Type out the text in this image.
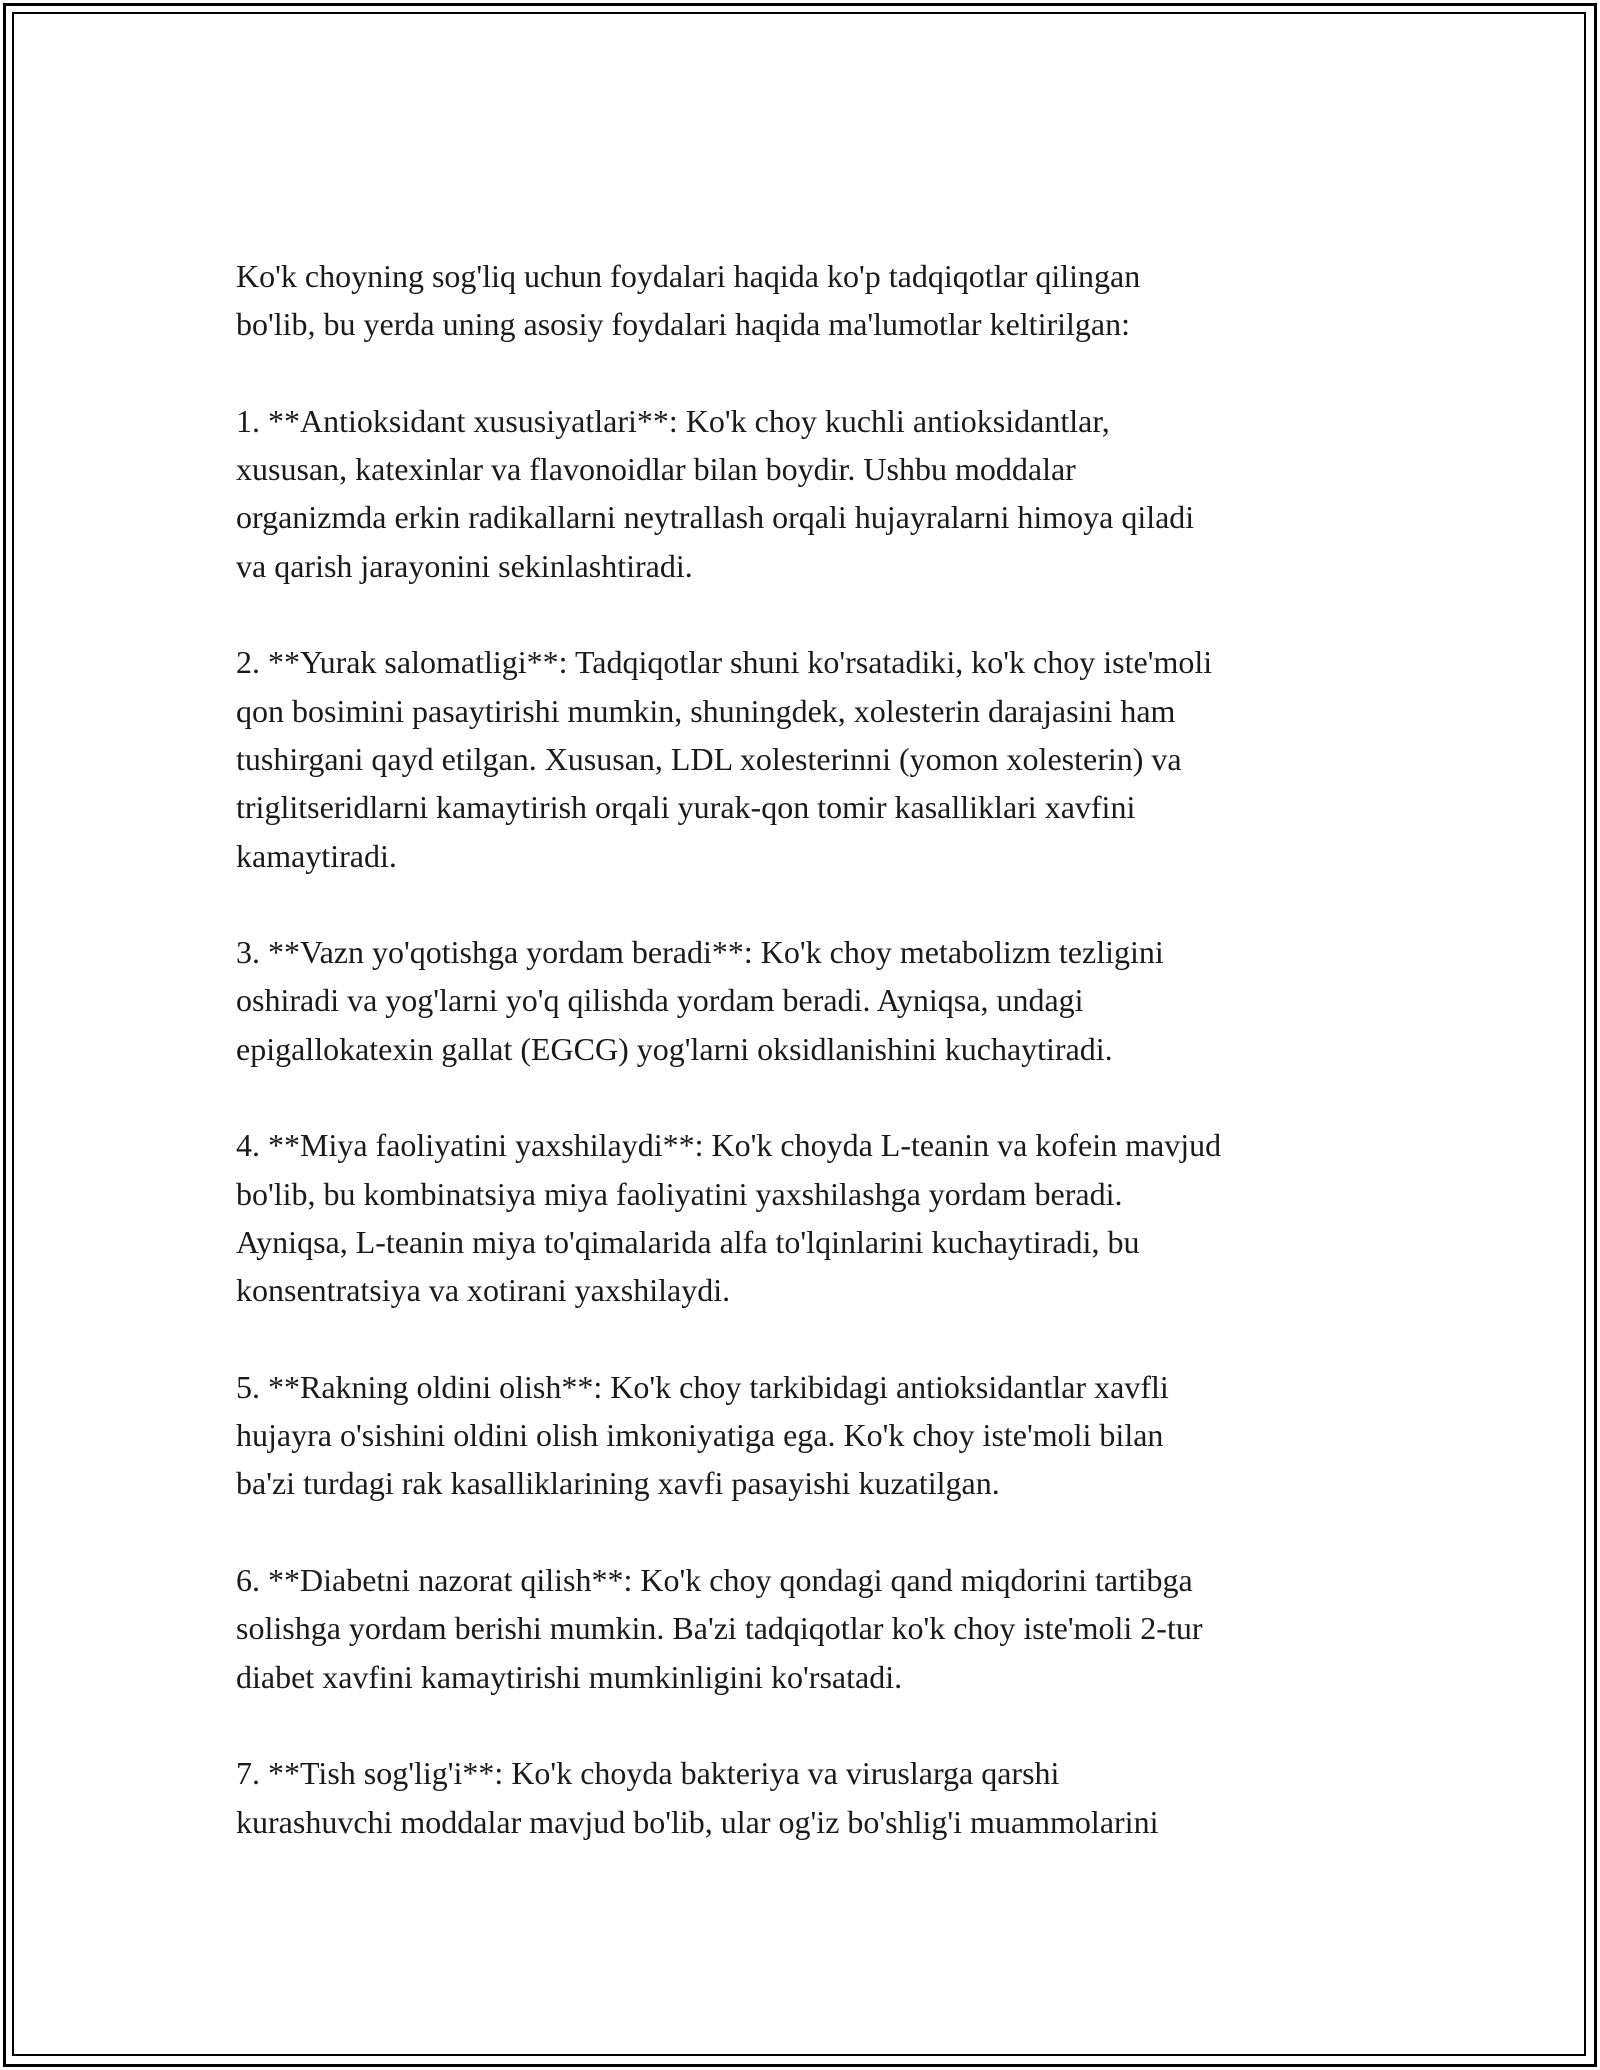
Ko'k choyning sog'liq uchun foydalari haqida ko'p tadqiqotlar qilingan
bo'lib, bu yerda uning asosiy foydalari haqida ma'lumotlar keltirilgan:

1. **Antioksidant xususiyatlari**: Ko'k choy kuchli antioksidantlar,
xususan, katexinlar va flavonoidlar bilan boydir. Ushbu moddalar
organizmda erkin radikallarni neytrallash orqali hujayralarni himoya qiladi
va qarish jarayonini sekinlashtiradi.

2. **Yurak salomatligi**: Tadqiqotlar shuni ko'rsatadiki, ko'k choy iste'moli
qon bosimini pasaytirishi mumkin, shuningdek, xolesterin darajasini ham
tushirgani qayd etilgan. Xususan, LDL xolesterinni (yomon xolesterin) va
triglitseridlarni kamaytirish orqali yurak-qon tomir kasalliklari xavfini
kamaytiradi.

3. **Vazn yo'qotishga yordam beradi**: Ko'k choy metabolizm tezligini
oshiradi va yog'larni yo'q qilishda yordam beradi. Ayniqsa, undagi
epigallokatexin gallat (EGCG) yog'larni oksidlanishini kuchaytiradi.

4. **Miya faoliyatini yaxshilaydi**: Ko'k choyda L-teanin va kofein mavjud
bo'lib, bu kombinatsiya miya faoliyatini yaxshilashga yordam beradi.
Ayniqsa, L-teanin miya to'qimalarida alfa to'lqinlarini kuchaytiradi, bu
konsentratsiya va xotirani yaxshilaydi.

5. **Rakning oldini olish**: Ko'k choy tarkibidagi antioksidantlar xavfli
hujayra o'sishini oldini olish imkoniyatiga ega. Ko'k choy iste'moli bilan
ba'zi turdagi rak kasalliklarining xavfi pasayishi kuzatilgan.

6. **Diabetni nazorat qilish**: Ko'k choy qondagi qand miqdorini tartibga
solishga yordam berishi mumkin. Ba'zi tadqiqotlar ko'k choy iste'moli 2-tur
diabet xavfini kamaytirishi mumkinligini ko'rsatadi.

7. **Tish sog'lig'i**: Ko'k choyda bakteriya va viruslarga qarshi
kurashuvchi moddalar mavjud bo'lib, ular og'iz bo'shlig'i muammolarini
